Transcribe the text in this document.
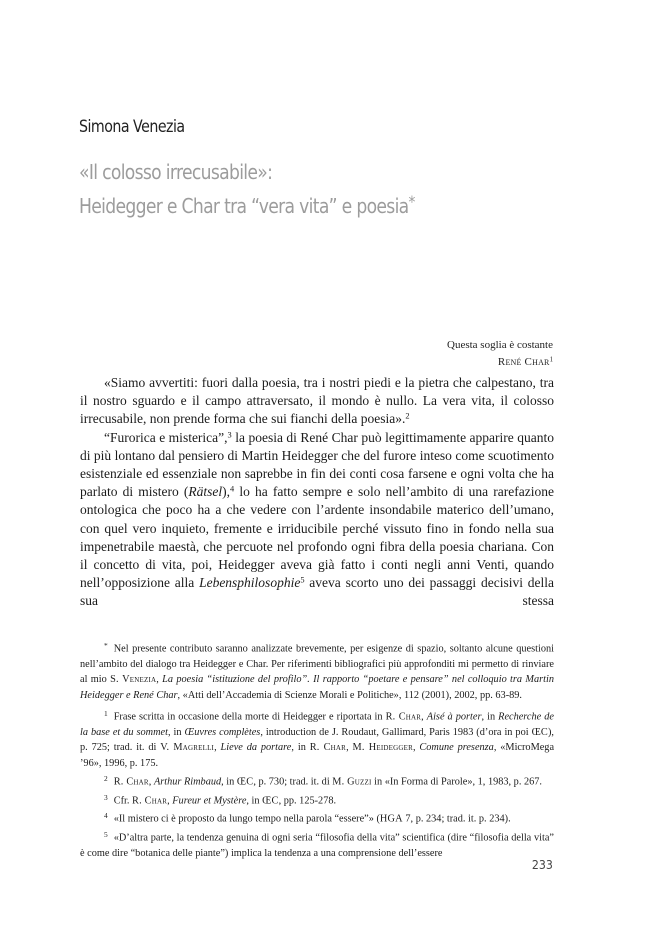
Simona Venezia
«Il colosso irrecusabile»:
Heidegger e Char tra “vera vita” e poesia*
Questa soglia è costante
René Char$^1$

«Siamo avvertiti: fuori dalla poesia, tra i nostri piedi e la pietra che calpestano, tra il nostro sguardo e il campo attraversato, il mondo è nullo. La vera vita, il colosso irrecusabile, non prende forma che sui fianchi della poesia».$^2$

“Furorica e misterica”,$^3$ la poesia di René Char può legittimamente apparire quanto di più lontano dal pensiero di Martin Heidegger che del furore inteso come scuotimento esistenziale ed essenziale non saprebbe in fin dei conti cosa farsene e ogni volta che ha parlato di mistero (Rätsel),$^4$ lo ha fatto sempre e solo nell’ambito di una rarefazione ontologica che poco ha a che vedere con l’ardente insondabile materico dell’umano, con quel vero inquieto, fremente e irriducibile perché vissuto fino in fondo nella sua impenetrabile maestà, che percuote nel profondo ogni fibra della poesia chariana. Con il concetto di vita, poi, Heidegger aveva già fatto i conti negli anni Venti, quando nell’opposizione alla Lebensphilosophie$^5$ aveva scorto uno dei passaggi decisivi della sua stessa

* Nel presente contributo saranno analizzate brevemente, per esigenze di spazio, soltanto alcune questioni nell’ambito del dialogo tra Heidegger e Char. Per riferimenti bibliografici più approfonditi mi permetto di rinviare al mio S. Venezia, La poesia “istituzione del profilo”. Il rapporto “poetare e pensare” nel colloquio tra Martin Heidegger e René Char, «Atti dell’Accademia di Scienze Morali e Politiche», 112 (2001), 2002, pp. 63-89.

1 Frase scritta in occasione della morte di Heidegger e riportata in R. Char, Aisé à porter, in Recherche de la base et du sommet, in Œuvres complètes, introduction de J. Roudaut, Gallimard, Paris 1983 (d’ora in poi ŒC), p. 725; trad. it. di V. Magrelli, Lieve da portare, in R. Char, M. Heidegger, Comune presenza, «MicroMega ’96», 1996, p. 175.

2 R. Char, Arthur Rimbaud, in ŒC, p. 730; trad. it. di M. Guzzi in «In Forma di Parole», 1, 1983, p. 267.

3 Cfr. R. Char, Fureur et Mystère, in ŒC, pp. 125-278.

4 «Il mistero ci è proposto da lungo tempo nella parola “essere”» (HGA 7, p. 234; trad. it. p. 234).

5 «D’altra parte, la tendenza genuina di ogni seria “filosofia della vita” scientifica (dire “filosofia della vita” è come dire “botanica delle piante”) implica la tendenza a una comprensione dell’essere

233
